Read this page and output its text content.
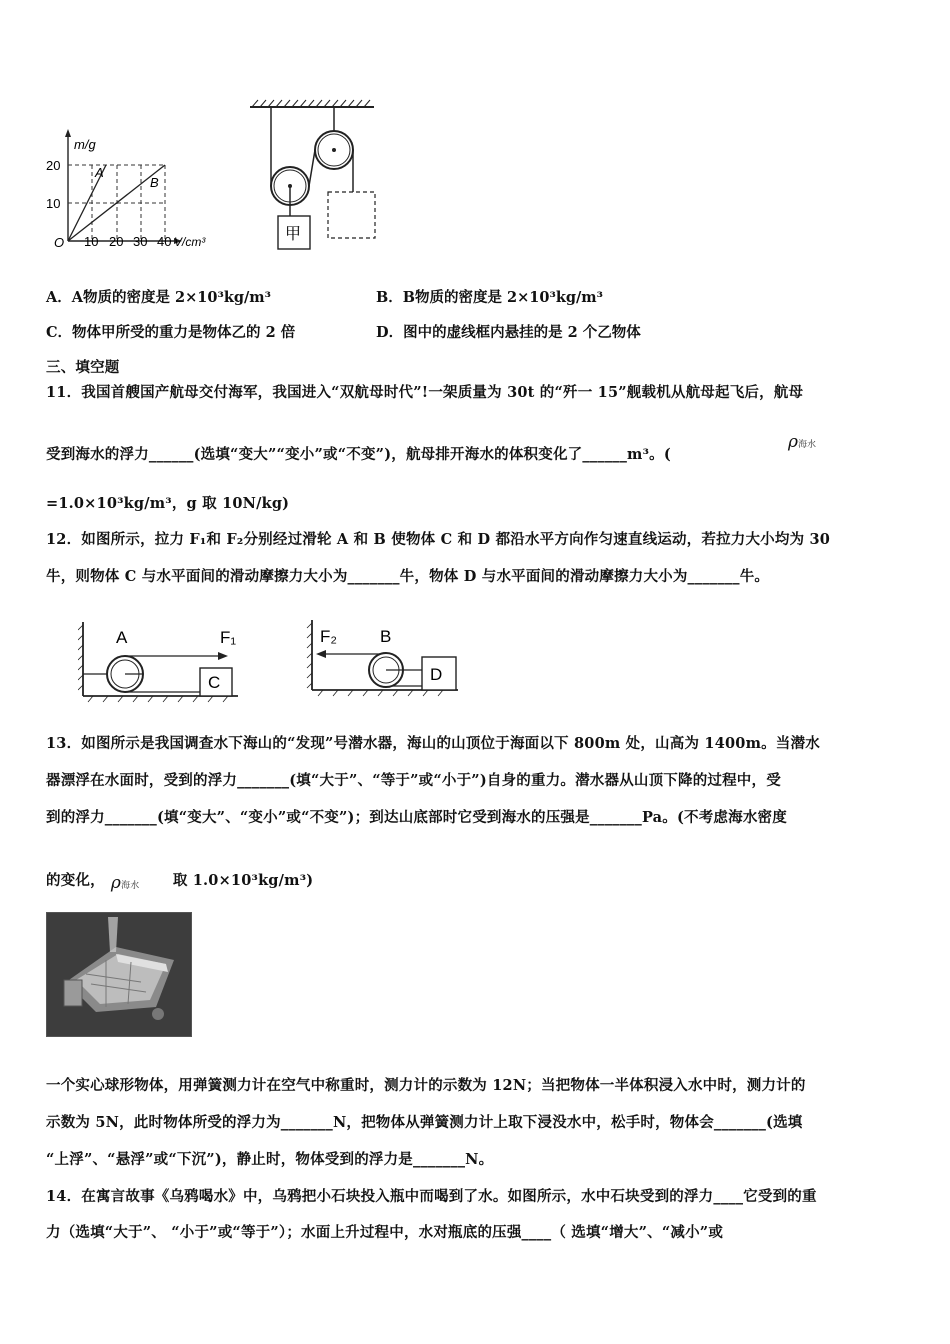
m/g
20
10
O 10 20 30 40 V/cm³
A
B
甲
A．A物质的密度是 2×10³kg/m³	B．B物质的密度是 2×10³kg/m³
C．物体甲所受的重力是物体乙的 2 倍	D．图中的虚线框内悬挂的是 2 个乙物体
三、填空题
11．我国首艘国产航母交付海军，我国进入“双航母时代”!一架质量为 30t 的“歼一 15”舰载机从航母起飞后，航母
受到海水的浮力______(选填“变大”“变小”或“不变”)，航母排开海水的体积变化了______m³。(
ρ海水
=1.0×10³kg/m³，g 取 10N/kg)
12．如图所示，拉力 F₁和 F₂分别经过滑轮 A 和 B 使物体 C 和 D 都沿水平方向作匀速直线运动，若拉力大小均为 30
牛，则物体 C 与水平面间的滑动摩擦力大小为_______牛，物体 D 与水平面间的滑动摩擦力大小为_______牛。
A	F₁
C
F₂	B
D
13．如图所示是我国调查水下海山的“发现”号潜水器，海山的山顶位于海面以下 800m 处，山高为 1400m。当潜水
器漂浮在水面时，受到的浮力_______(填“大于”、“等于”或“小于”)自身的重力。潜水器从山顶下降的过程中，受
到的浮力_______(填“变大”、“变小”或“不变”)；到达山底部时它受到海水的压强是_______Pa。(不考虑海水密度
的变化， ρ海水 取 1.0×10³kg/m³)
一个实心球形物体，用弹簧测力计在空气中称重时，测力计的示数为 12N；当把物体一半体积浸入水中时，测力计的
示数为 5N，此时物体所受的浮力为_______N，把物体从弹簧测力计上取下浸没水中，松手时，物体会_______(选填
“上浮”、“悬浮”或“下沉”)，静止时，物体受到的浮力是_______N。
14．在寓言故事《乌鸦喝水》中，乌鸦把小石块投入瓶中而喝到了水。如图所示，水中石块受到的浮力____它受到的重
力（选填“大于”、 “小于”或“等于”）；水面上升过程中，水对瓶底的压强____（ 选填“增大”、“减小”或
